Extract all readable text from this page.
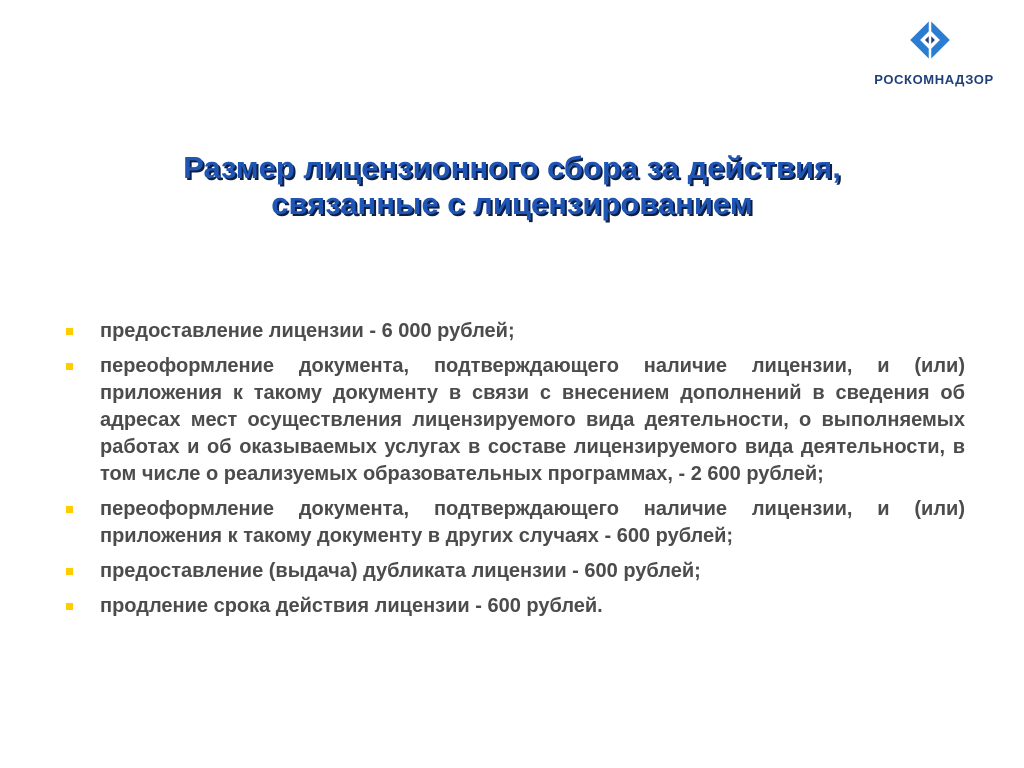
РОСКОМНАДЗОР
Размер лицензионного сбора за действия,
связанные с лицензированием
предоставление лицензии - 6 000 рублей;
переоформление документа, подтверждающего наличие лицензии, и (или) приложения к такому документу в связи с внесением дополнений в сведения об адресах мест осуществления лицензируемого вида деятельности, о выполняемых работах и об оказываемых услугах в составе лицензируемого вида деятельности, в том числе о реализуемых образовательных программах, - 2 600 рублей;
переоформление документа, подтверждающего наличие лицензии, и (или) приложения к такому документу в других случаях - 600 рублей;
предоставление (выдача) дубликата лицензии - 600 рублей;
продление срока действия лицензии - 600 рублей.
